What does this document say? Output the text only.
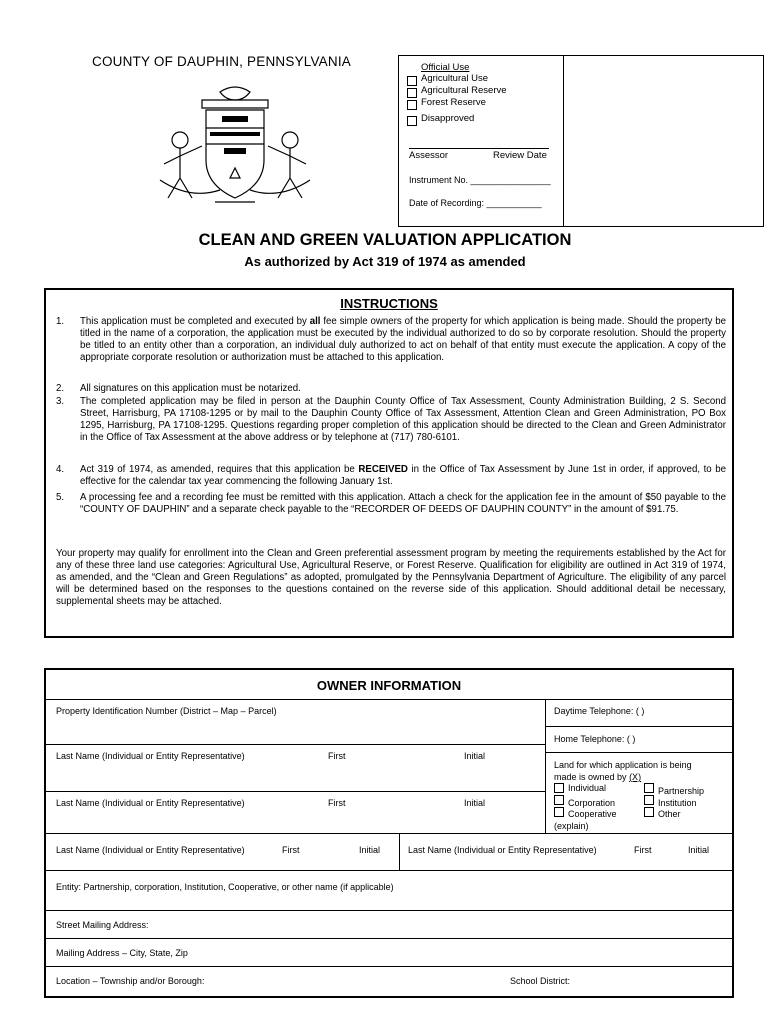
COUNTY OF DAUPHIN, PENNSYLVANIA	Official Use
Agricultural Use
Agricultural Reserve
Forest Reserve
Disapproved
Assessor	Review Date
Instrument No. ________________
Date of Recording: ___________
CLEAN AND GREEN VALUATION APPLICATION
As authorized by Act 319 of 1974 as amended
INSTRUCTIONS
1.	This application must be completed and executed by all fee simple owners of the property for which application is being made. Should the property be titled in the name of a corporation, the application must be executed by the individual authorized to do so by corporate resolution. Should the property be titled to an entity other than a corporation, an individual duly authorized to act on behalf of that entity must execute the application. A copy of the appropriate corporate resolution or authorization must be attached to this application.
2.	All signatures on this application must be notarized.
3.	The completed application may be filed in person at the Dauphin County Office of Tax Assessment, County Administration Building, 2 S. Second Street, Harrisburg, PA 17108-1295 or by mail to the Dauphin County Office of Tax Assessment, Attention Clean and Green Administration, PO Box 1295, Harrisburg, PA 17108-1295. Questions regarding proper completion of this application should be directed to the Clean and Green Administrator in the Office of Tax Assessment at the above address or by telephone at (717) 780-6101.
4.	Act 319 of 1974, as amended, requires that this application be RECEIVED in the Office of Tax Assessment by June 1st in order, if approved, to be effective for the calendar tax year commencing the following January 1st.
5.	A processing fee and a recording fee must be remitted with this application. Attach a check for the application fee in the amount of $50 payable to the “COUNTY OF DAUPHIN” and a separate check payable to the “RECORDER OF DEEDS OF DAUPHIN COUNTY” in the amount of $91.75.
Your property may qualify for enrollment into the Clean and Green preferential assessment program by meeting the requirements established by the Act for any of these three land use categories: Agricultural Use, Agricultural Reserve, or Forest Reserve. Qualification for eligibility are outlined in Act 319 of 1974, as amended, and the “Clean and Green Regulations” as adopted, promulgated by the Pennsylvania Department of Agriculture. The eligibility of any parcel will be determined based on the responses to the questions contained on the reverse side of this application. Should additional detail be necessary, supplemental sheets may be attached.
OWNER INFORMATION
Property Identification Number (District – Map – Parcel)	Daytime Telephone: ( )
Home Telephone: ( )
Last Name (Individual or Entity Representative)	First	Initial
Last Name (Individual or Entity Representative)	First	Initial
Land for which application is being
made is owned by (X)
Individual	Partnership
Corporation	Institution
Cooperative	Other
(explain)
Last Name (Individual or Entity Representative)	First	Initial	Last Name (Individual or Entity Representative)	First	Initial
Entity: Partnership, corporation, Institution, Cooperative, or other name (if applicable)
Street Mailing Address:
Mailing Address – City, State, Zip
Location – Township and/or Borough:	School District:
